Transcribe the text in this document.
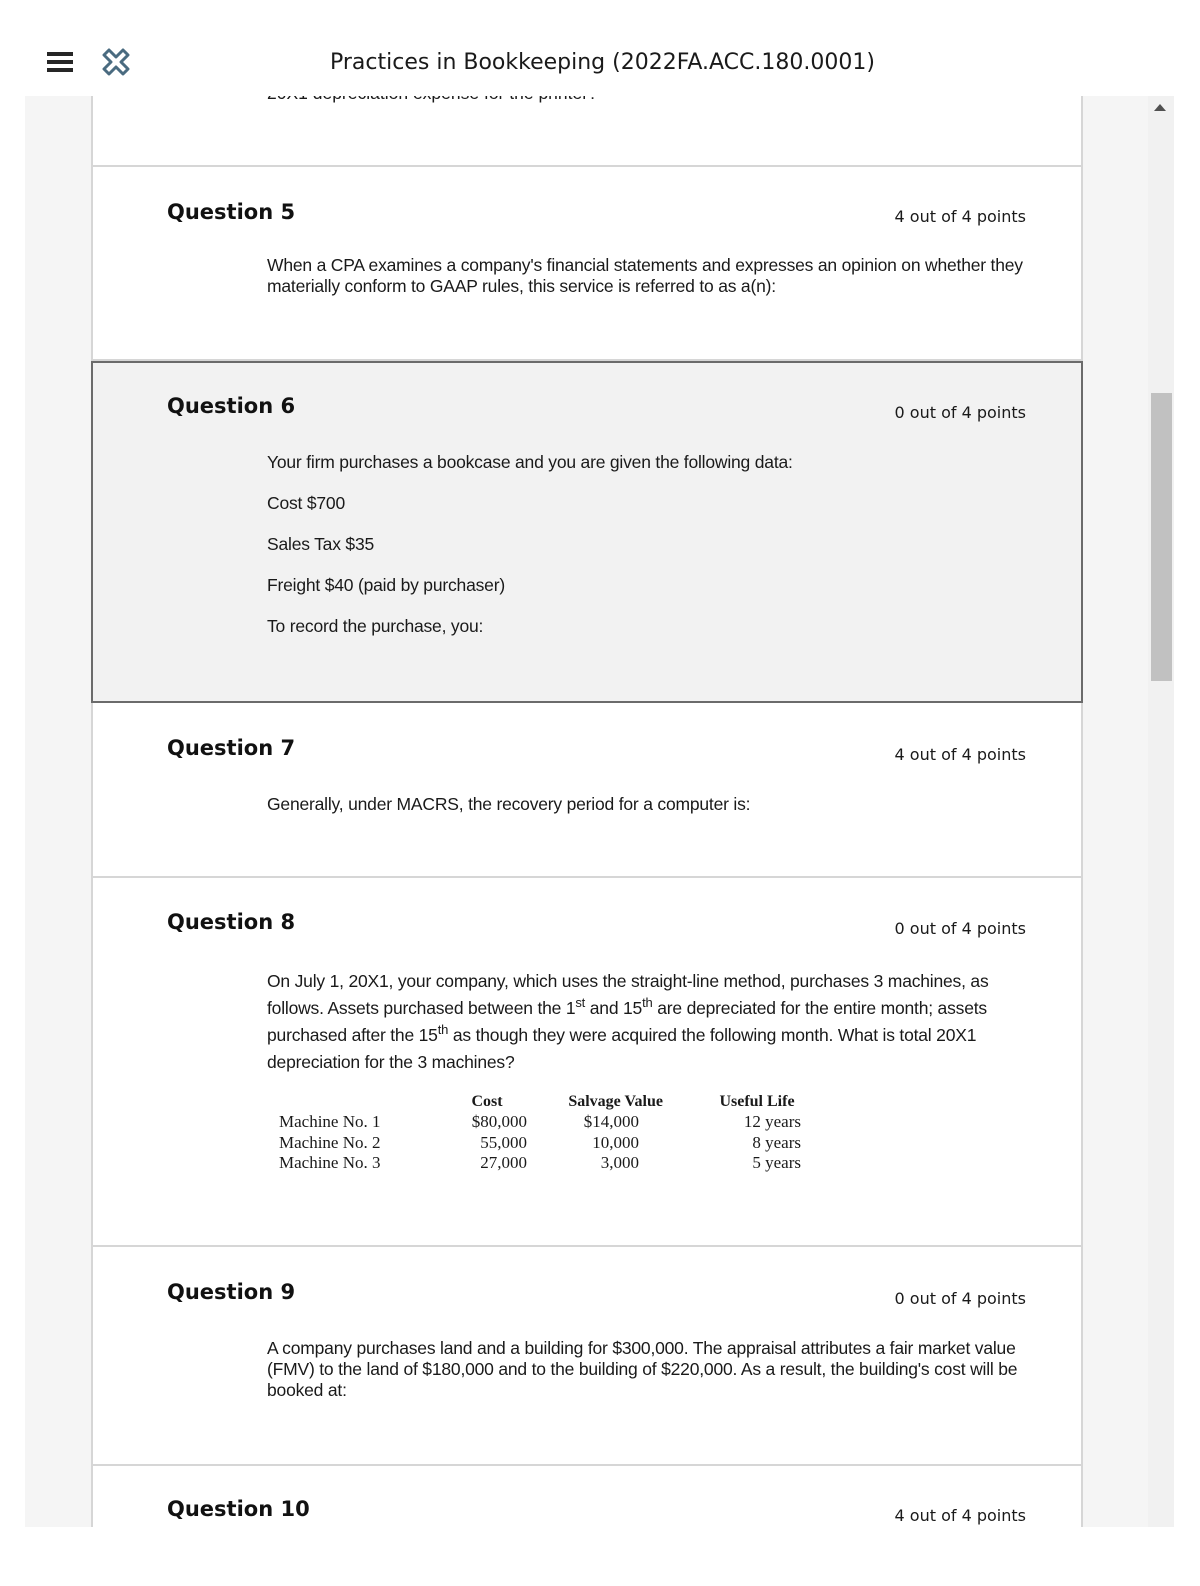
Practices in Bookkeeping (2022FA.ACC.180.0001)
Question 5	4 out of 4 points
When a CPA examines a company's financial statements and expresses an opinion on whether they materially conform to GAAP rules, this service is referred to as a(n):
Question 6	0 out of 4 points

Your firm purchases a bookcase and you are given the following data:

Cost $700

Sales Tax $35

Freight $40 (paid by purchaser)

To record the purchase, you:

Question 7	4 out of 4 points
Generally, under MACRS, the recovery period for a computer is:
Question 8	0 out of 4 points
On July 1, 20X1, your company, which uses the straight-line method, purchases 3 machines, as follows. Assets purchased between the 1st and 15th are depreciated for the entire month; assets purchased after the 15th as though they were acquired the following month. What is total 20X1 depreciation for the 3 machines?
	Cost	Salvage Value	Useful Life
Machine No. 1	$80,000	$14,000	12 years
Machine No. 2	55,000	10,000	8 years
Machine No. 3	27,000	3,000	5 years
Question 9	0 out of 4 points
A company purchases land and a building for $300,000. The appraisal attributes a fair market value (FMV) to the land of $180,000 and to the building of $220,000. As a result, the building's cost will be booked at:
Question 10	4 out of 4 points
